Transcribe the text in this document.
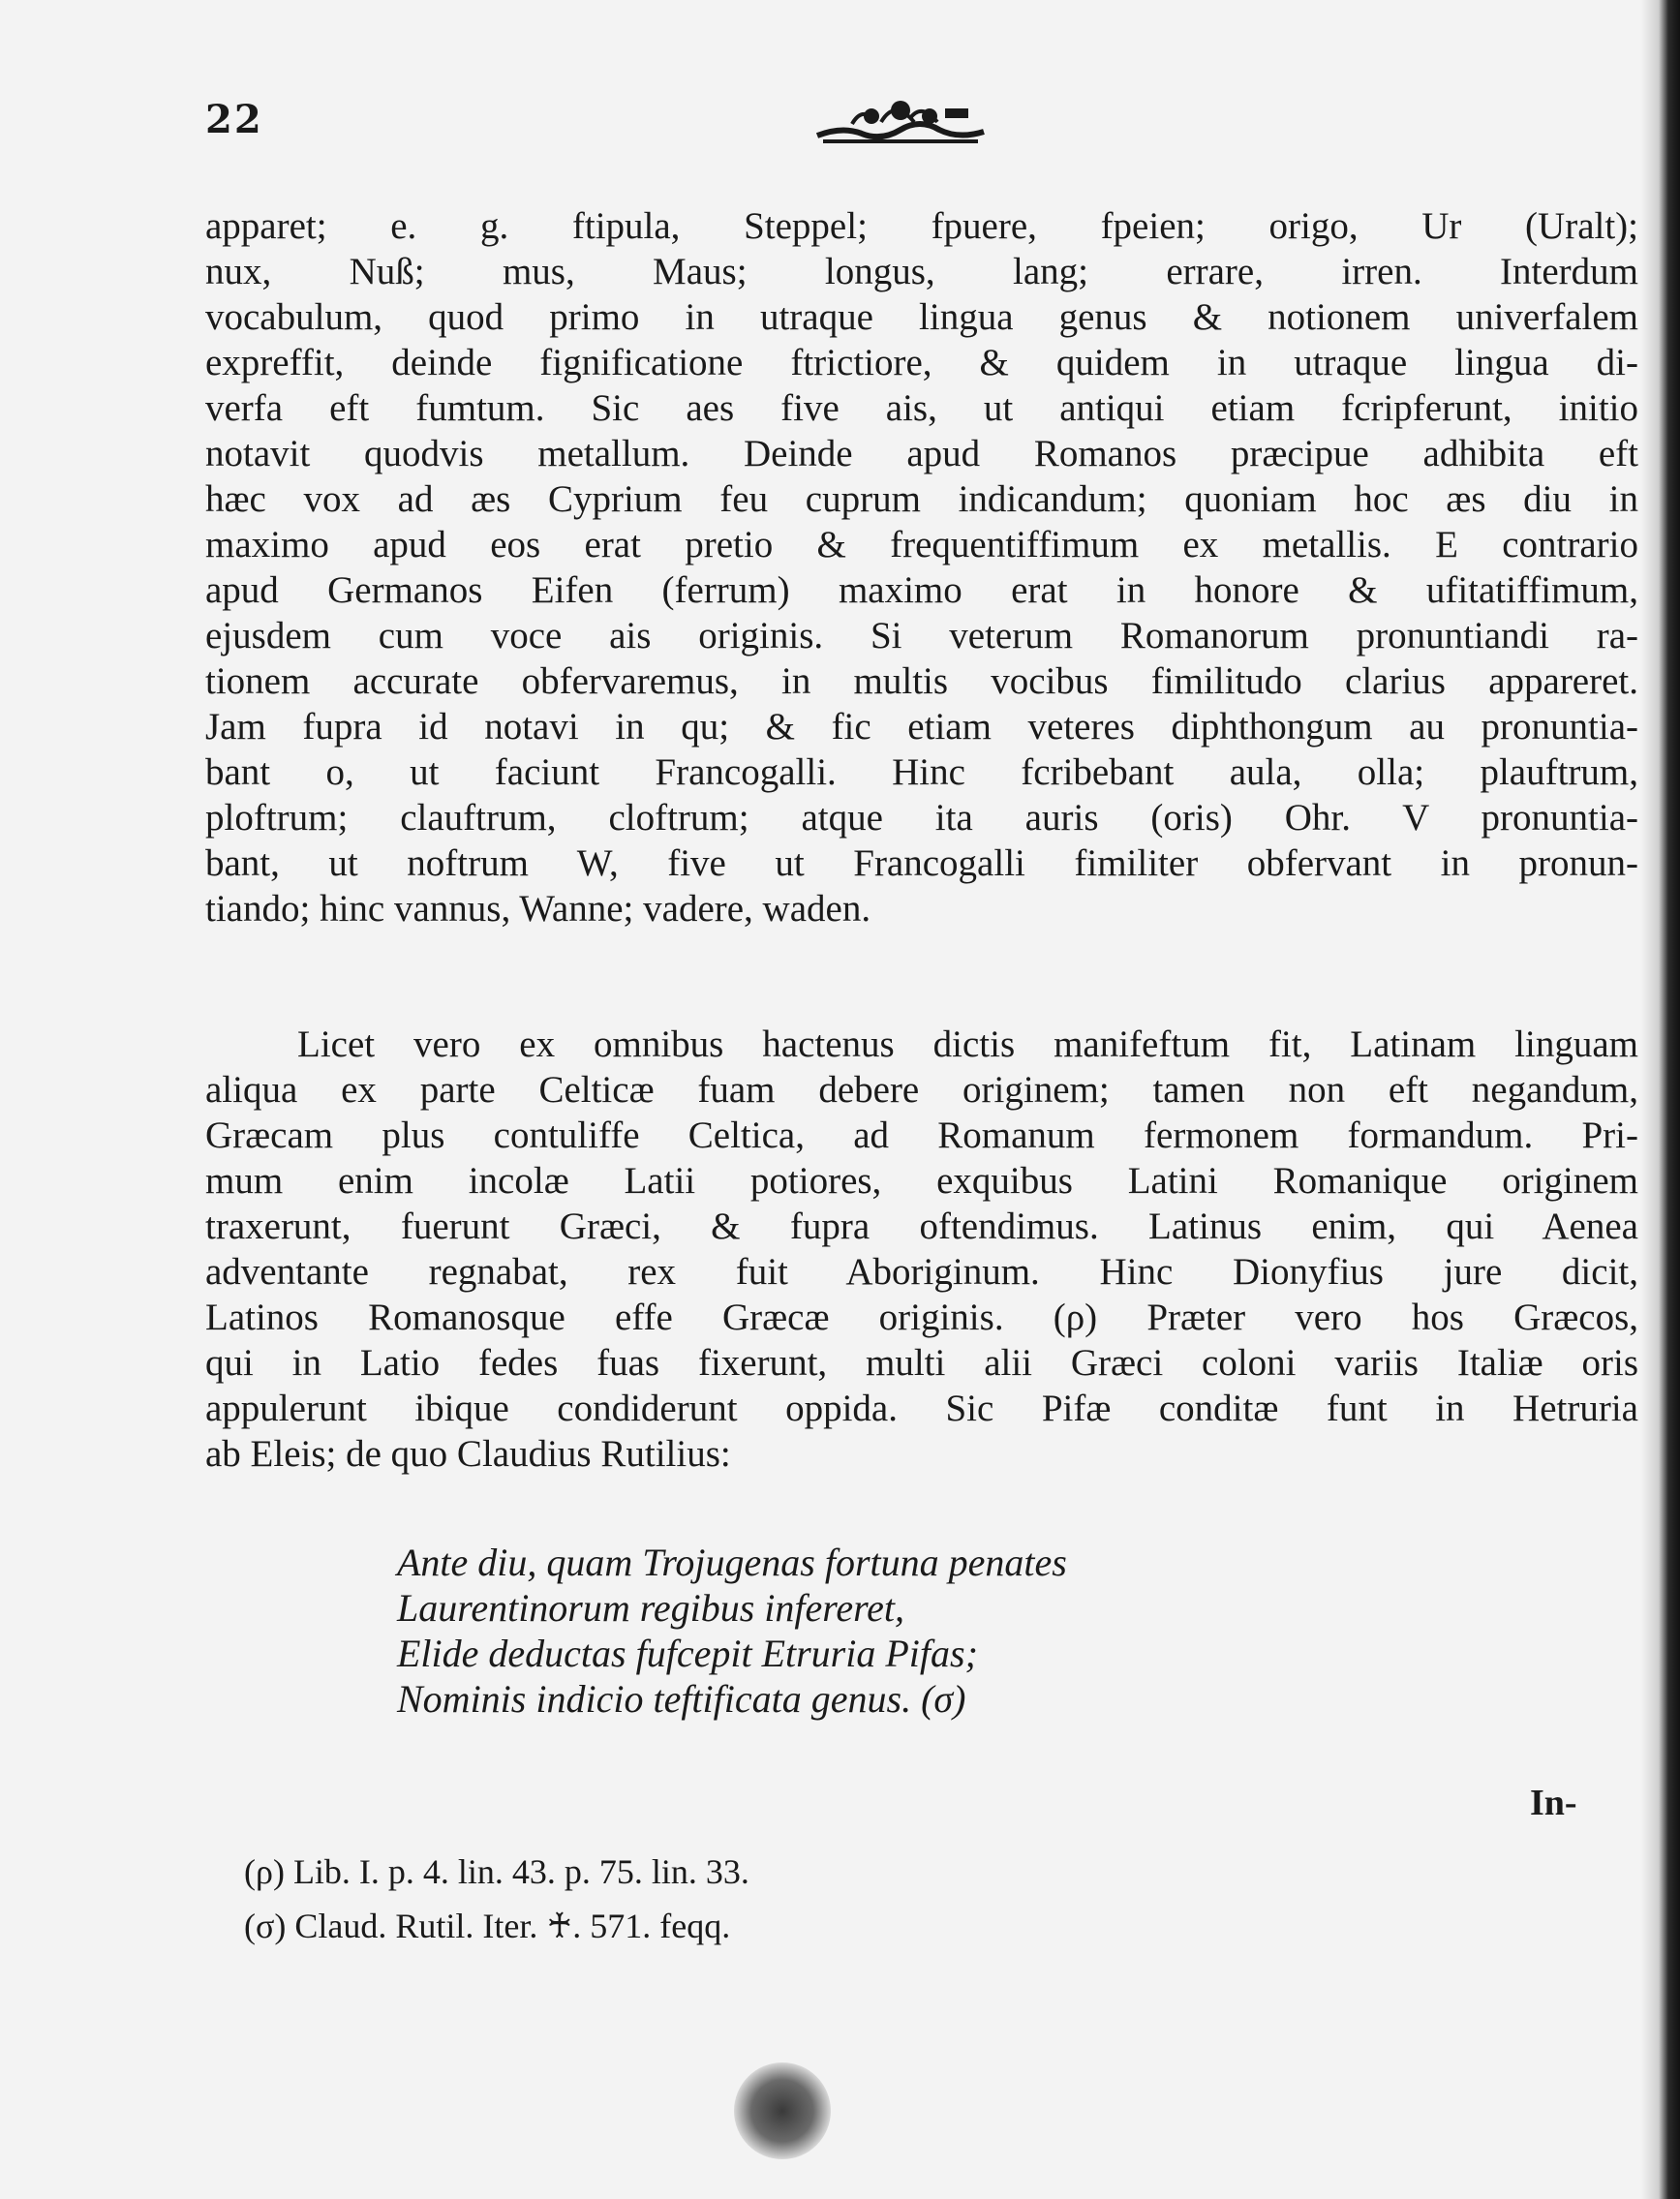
22
apparet; e. g. ftipula, Steppel; fpuere, fpeien; origo, Ur (Uralt);
nux, Nuß; mus, Maus; longus, lang; errare, irren. Interdum
vocabulum, quod primo in utraque lingua genus & notionem univerfalem
expreffit, deinde fignificatione ftrictiore, & quidem in utraque lingua di-
verfa eft fumtum. Sic aes five ais, ut antiqui etiam fcripferunt, initio
notavit quodvis metallum. Deinde apud Romanos præcipue adhibita eft
hæc vox ad æs Cyprium feu cuprum indicandum; quoniam hoc æs diu in
maximo apud eos erat pretio & frequentiffimum ex metallis. E contrario
apud Germanos Eifen (ferrum) maximo erat in honore & ufitatiffimum,
ejusdem cum voce ais originis. Si veterum Romanorum pronuntiandi ra-
tionem accurate obfervaremus, in multis vocibus fimilitudo clarius appareret.
Jam fupra id notavi in qu; & fic etiam veteres diphthongum au pronuntia-
bant o, ut faciunt Francogalli. Hinc fcribebant aula, olla; plauftrum,
ploftrum; clauftrum, cloftrum; atque ita auris (oris) Ohr. V pronuntia-
bant, ut noftrum W, five ut Francogalli fimiliter obfervant in pronun-
tiando; hinc vannus, Wanne; vadere, waden.
Licet vero ex omnibus hactenus dictis manifeftum fit, Latinam linguam
aliqua ex parte Celticæ fuam debere originem; tamen non eft negandum,
Græcam plus contuliffe Celtica, ad Romanum fermonem formandum. Pri-
mum enim incolæ Latii potiores, exquibus Latini Romanique originem
traxerunt, fuerunt Græci, & fupra oftendimus. Latinus enim, qui Aenea
adventante regnabat, rex fuit Aboriginum. Hinc Dionyfius jure dicit,
Latinos Romanosque effe Græcæ originis. (ρ) Præter vero hos Græcos,
qui in Latio fedes fuas fixerunt, multi alii Græci coloni variis Italiæ oris
appulerunt ibique condiderunt oppida. Sic Pifæ conditæ funt in Hetruria
ab Eleis; de quo Claudius Rutilius:
Ante diu, quam Trojugenas fortuna penates
Laurentinorum regibus infereret,
Elide deductas fufcepit Etruria Pifas;
Nominis indicio teftificata genus. (σ)
In-
(ρ) Lib. I. p. 4. lin. 43. p. 75. lin. 33.
(σ) Claud. Rutil. Iter. ♰. 571. feqq.
